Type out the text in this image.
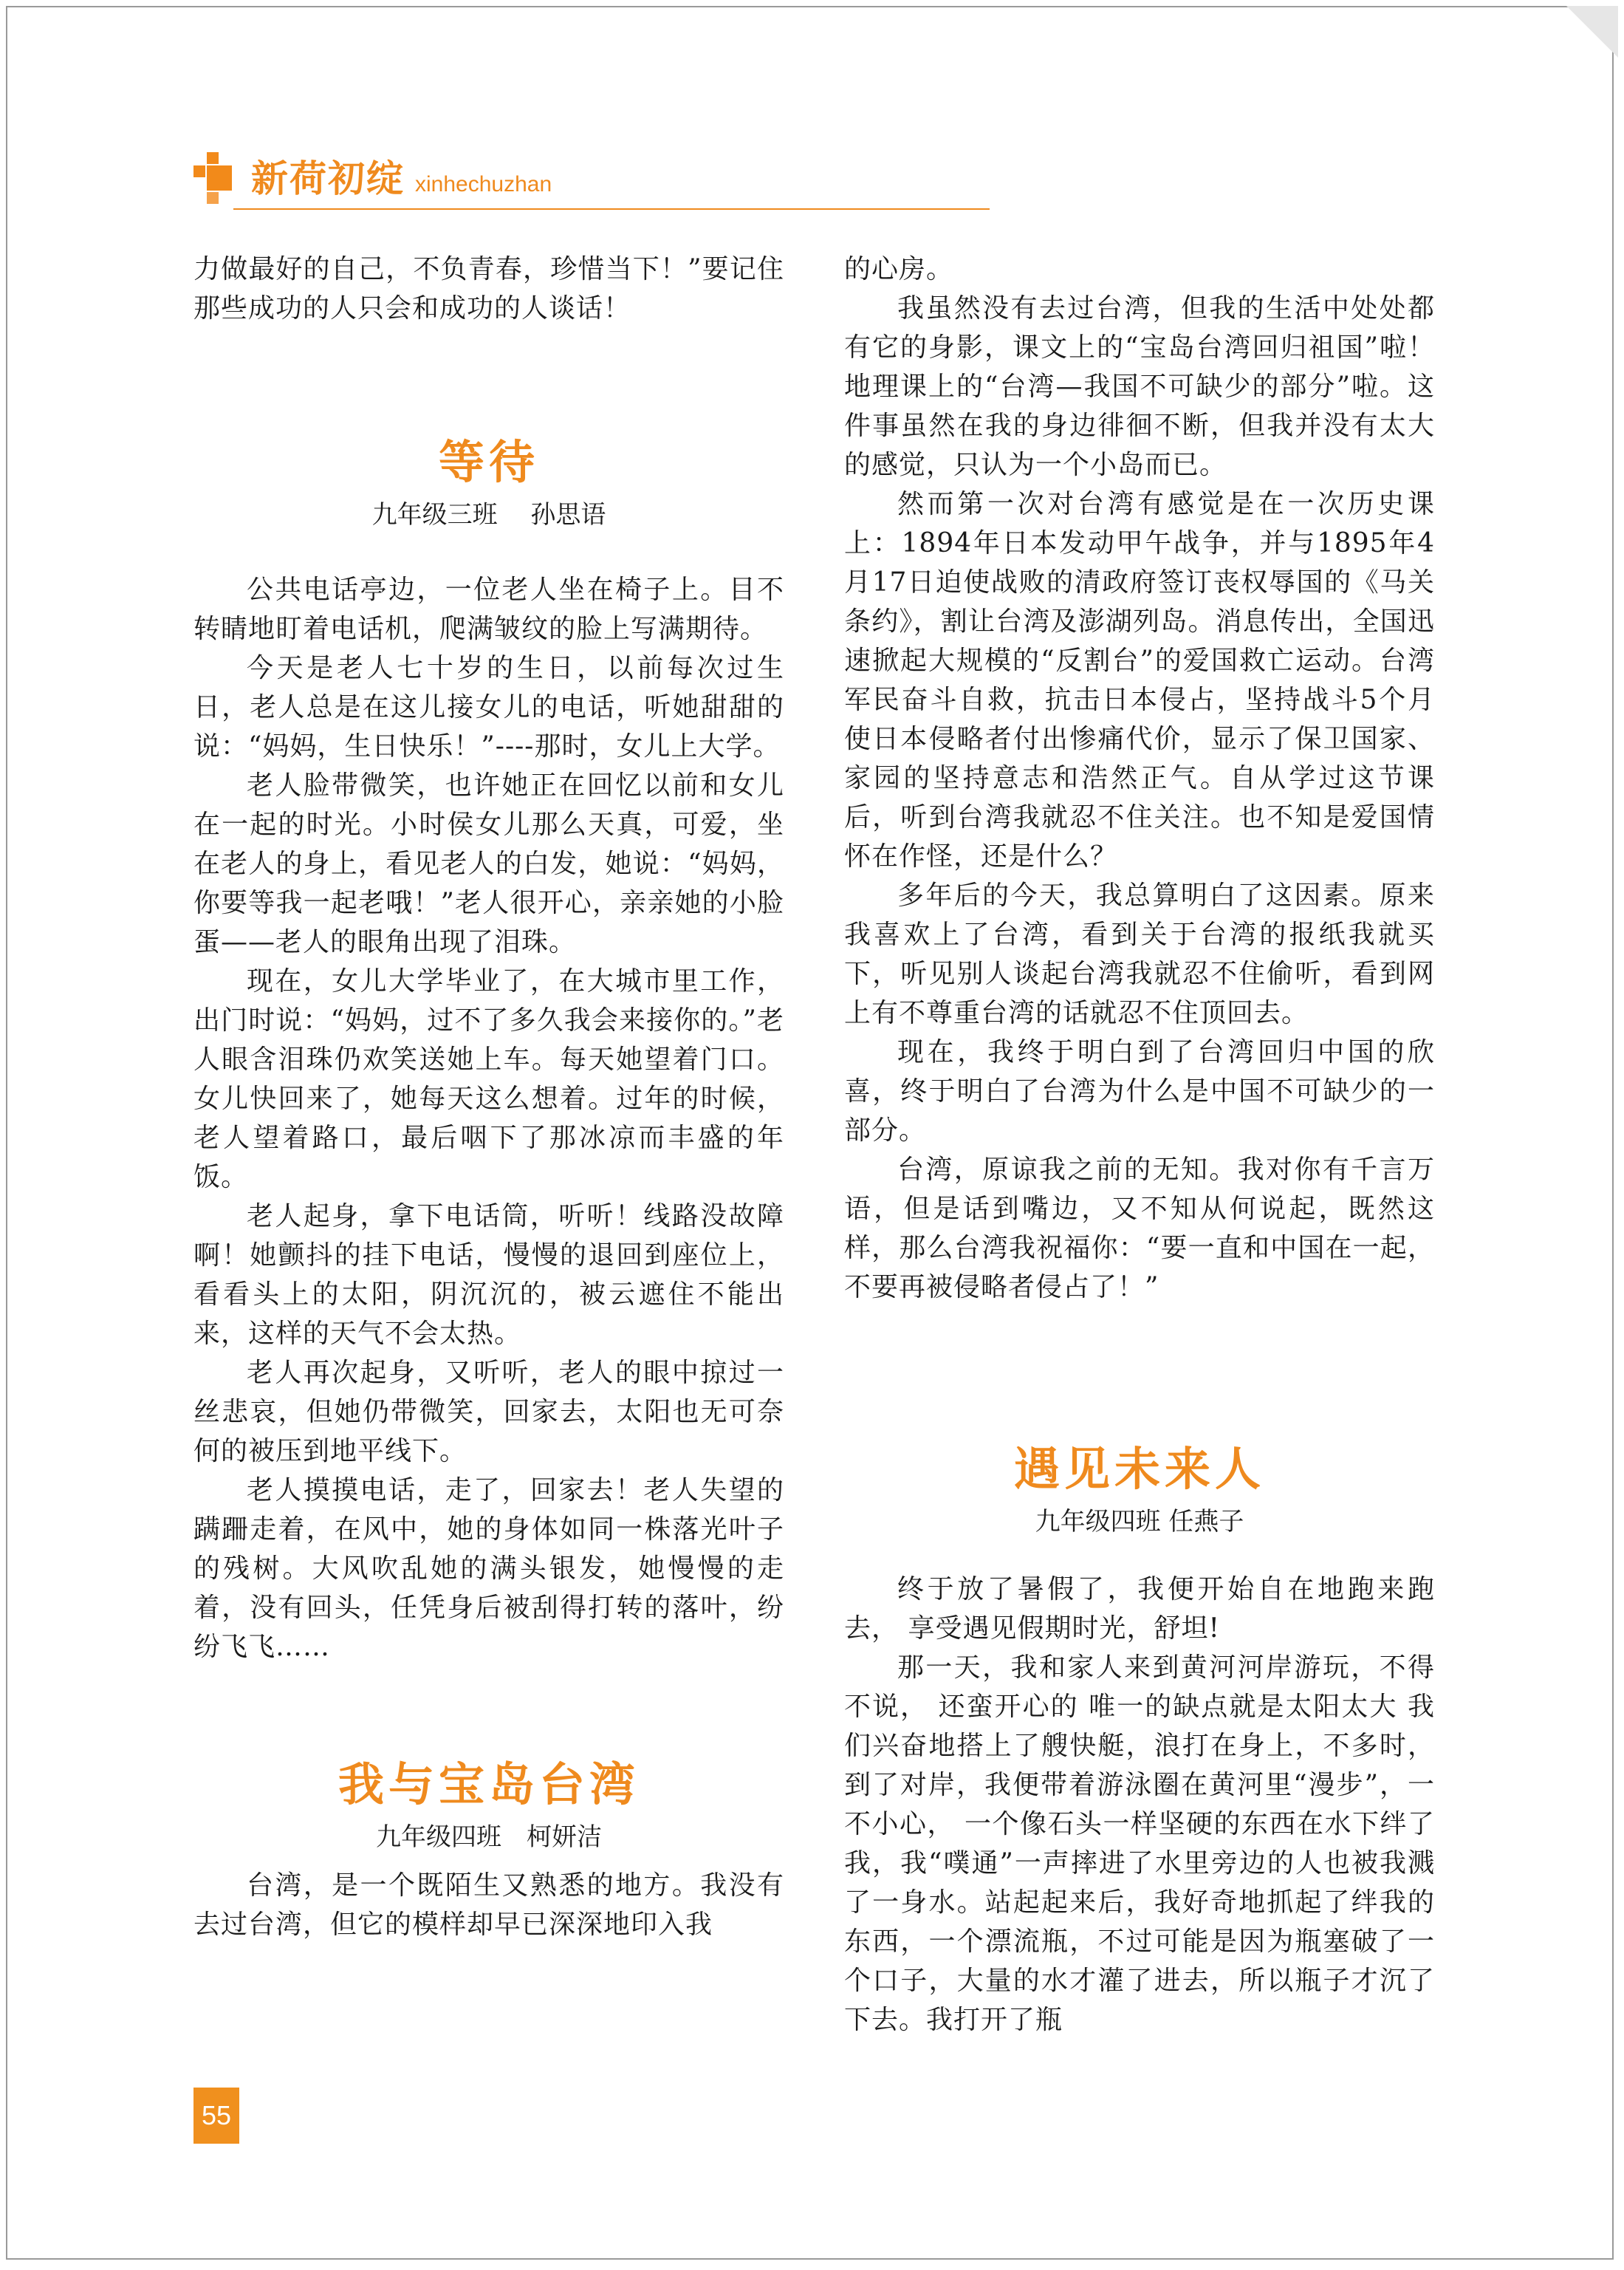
新荷初绽 xinhechuzhan

力做最好的自己，不负青春，珍惜当下！”要记住那些成功的人只会和成功的人谈话！

等待

九年级三班　 孙思语

公共电话亭边，一位老人坐在椅子上。目不转睛地盯着电话机，爬满皱纹的脸上写满期待。

今天是老人七十岁的生日，以前每次过生日，老人总是在这儿接女儿的电话，听她甜甜的说：“妈妈，生日快乐！”----那时，女儿上大学。

老人脸带微笑，也许她正在回忆以前和女儿在一起的时光。小时侯女儿那么天真，可爱，坐在老人的身上，看见老人的白发，她说：“妈妈，你要等我一起老哦！”老人很开心，亲亲她的小脸蛋——老人的眼角出现了泪珠。

现在，女儿大学毕业了，在大城市里工作，出门时说：“妈妈，过不了多久我会来接你的。”老人眼含泪珠仍欢笑送她上车。每天她望着门口。女儿快回来了，她每天这么想着。过年的时候，老人望着路口，最后咽下了那冰凉而丰盛的年饭。

老人起身，拿下电话筒，听听！线路没故障啊！她颤抖的挂下电话，慢慢的退回到座位上，看看头上的太阳，阴沉沉的，被云遮住不能出来，这样的天气不会太热。

老人再次起身，又听听，老人的眼中掠过一丝悲哀，但她仍带微笑，回家去，太阳也无可奈何的被压到地平线下。

老人摸摸电话，走了，回家去！老人失望的蹒跚走着，在风中，她的身体如同一株落光叶子的残树。大风吹乱她的满头银发，她慢慢的走着，没有回头，任凭身后被刮得打转的落叶，纷纷飞飞……

我与宝岛台湾

九年级四班　柯妍洁

台湾，是一个既陌生又熟悉的地方。我没有去过台湾，但它的模样却早已深深地印入我

的心房。

我虽然没有去过台湾，但我的生活中处处都有它的身影，课文上的“宝岛台湾回归祖国”啦！地理课上的“台湾—我国不可缺少的部分”啦。这件事虽然在我的身边徘徊不断，但我并没有太大的感觉，只认为一个小岛而已。

然而第一次对台湾有感觉是在一次历史课上：1894年日本发动甲午战争，并与1895年4月17日迫使战败的清政府签订丧权辱国的《马关条约》，割让台湾及澎湖列岛。消息传出，全国迅速掀起大规模的“反割台”的爱国救亡运动。台湾军民奋斗自救，抗击日本侵占，坚持战斗5个月使日本侵略者付出惨痛代价，显示了保卫国家、家园的坚持意志和浩然正气。自从学过这节课后，听到台湾我就忍不住关注。也不知是爱国情怀在作怪，还是什么？

多年后的今天，我总算明白了这因素。原来我喜欢上了台湾，看到关于台湾的报纸我就买下，听见别人谈起台湾我就忍不住偷听，看到网上有不尊重台湾的话就忍不住顶回去。

现在，我终于明白到了台湾回归中国的欣喜，终于明白了台湾为什么是中国不可缺少的一部分。

台湾，原谅我之前的无知。我对你有千言万语，但是话到嘴边，又不知从何说起，既然这样，那么台湾我祝福你：“要一直和中国在一起，不要再被侵略者侵占了！”

遇见未来人

九年级四班 任燕子

终于放了暑假了，我便开始自在地跑来跑去， 享受遇见假期时光，舒坦!

那一天，我和家人来到黄河河岸游玩，不得不说， 还蛮开心的 唯一的缺点就是太阳太大 我们兴奋地搭上了艘快艇，浪打在身上，不多时，到了对岸，我便带着游泳圈在黄河里“漫步”，一不小心， 一个像石头一样坚硬的东西在水下绊了我，我“噗通”一声摔进了水里旁边的人也被我溅了一身水。站起起来后，我好奇地抓起了绊我的东西，一个漂流瓶，不过可能是因为瓶塞破了一个口子，大量的水才灌了进去，所以瓶子才沉了下去。我打开了瓶

55
